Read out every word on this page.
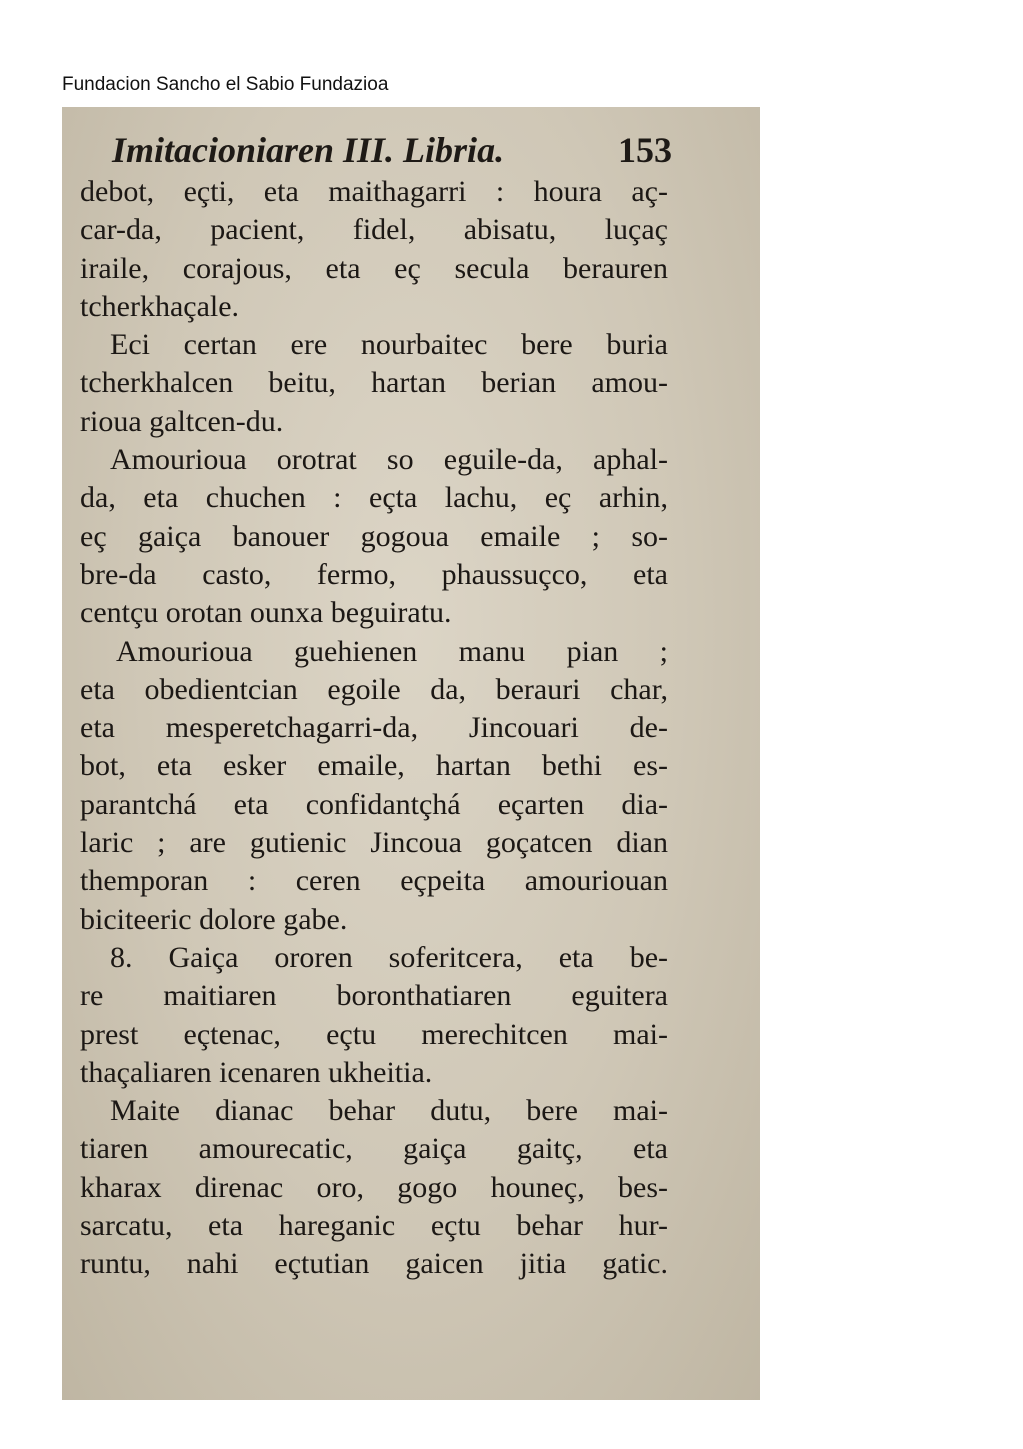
Fundacion Sancho el Sabio Fundazioa
Imitacioniaren III. Libria.	153
debot, eçti, eta maithagarri : houra aç-
car-da, pacient, fidel, abisatu, luçaç
iraile, corajous, eta eç secula berauren
tcherkhaçale.
Eci certan ere nourbaitec bere buria
tcherkhalcen beitu, hartan berian amou-
rioua galtcen-du.
Amourioua orotrat so eguile-da, aphal-
da, eta chuchen : eçta lachu, eç arhin,
eç gaiça banouer gogoua emaile ; so-
bre-da casto, fermo, phaussuçco, eta
centçu orotan ounxa beguiratu.
Amourioua guehienen manu pian ;
eta obedientcian egoile da, berauri char,
eta mesperetchagarri-da, Jincouari de-
bot, eta esker emaile, hartan bethi es-
parantchá eta confidantçhá eçarten dia-
laric ; are gutienic Jincoua goçatcen dian
themporan : ceren eçpeita amouriouan
biciteeric dolore gabe.
8. Gaiça ororen soferitcera, eta be-
re maitiaren boronthatiaren eguitera
prest eçtenac, eçtu merechitcen mai-
thaçaliaren icenaren ukheitia.
Maite dianac behar dutu, bere mai-
tiaren amourecatic, gaiça gaitç, eta
kharax direnac oro, gogo houneç, bes-
sarcatu, eta hareganic eçtu behar hur-
runtu, nahi eçtutian gaicen jitia gatic.
